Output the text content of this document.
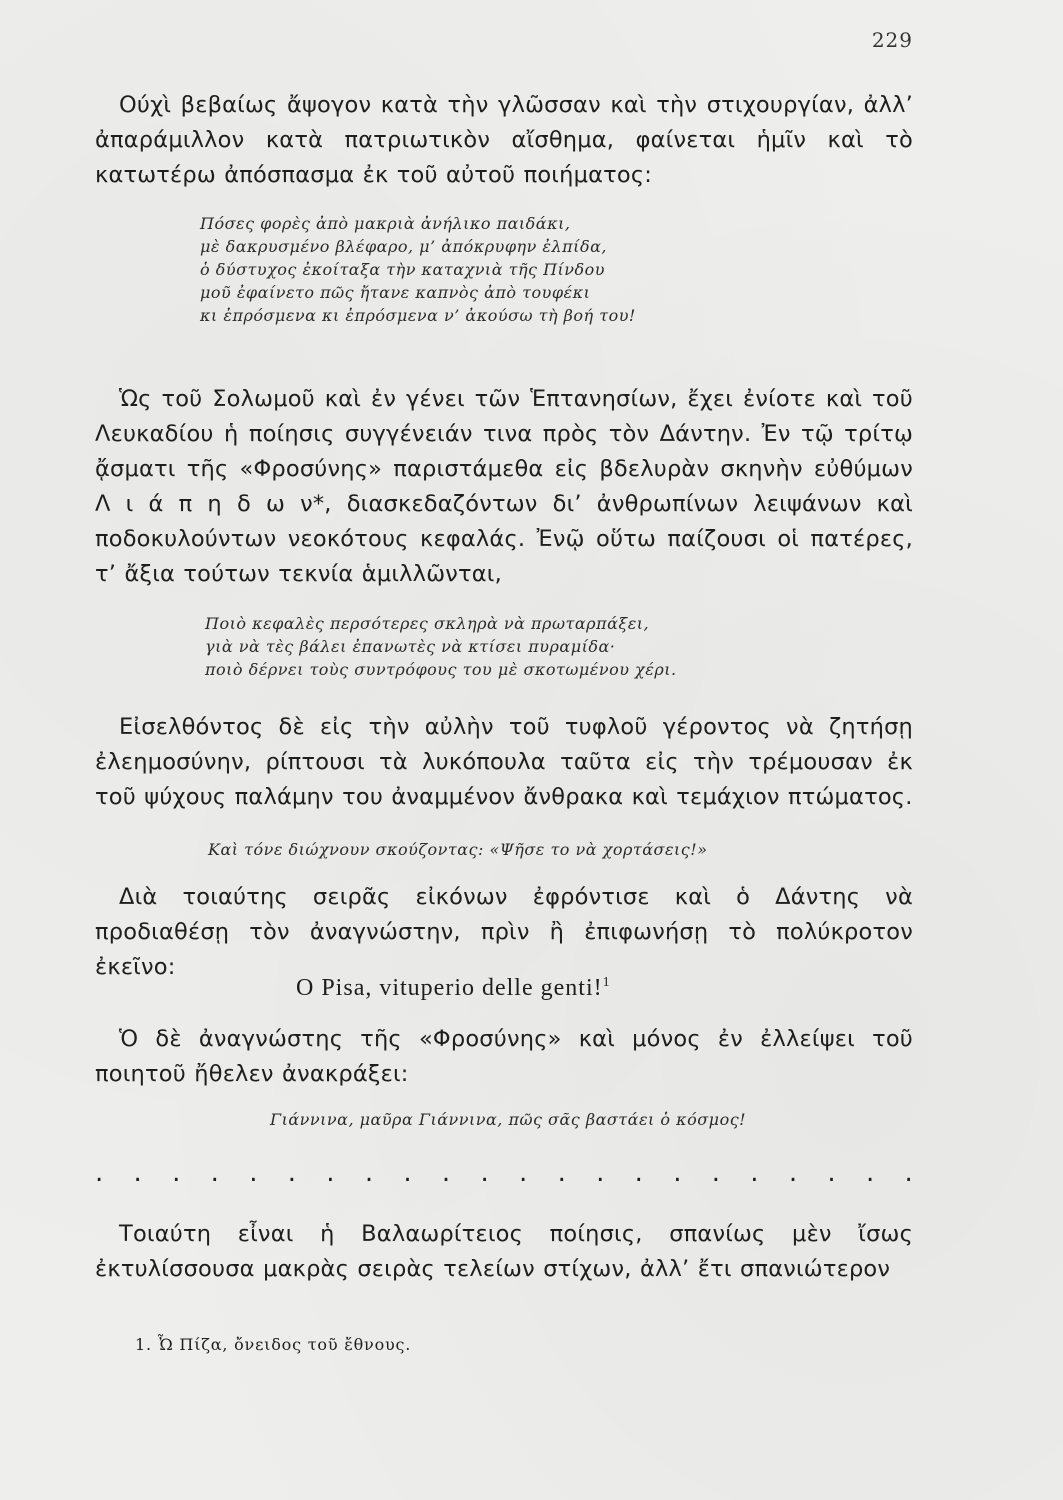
229

Ούχὶ βεβαίως ἄψογον κατὰ τὴν γλῶσσαν καὶ τὴν στιχουργίαν, ἀλλ’ ἀπαράμιλλον κατὰ πατριωτικὸν αἴσθημα, φαίνεται ἡμῖν καὶ τὸ κατωτέρω ἀπόσπασμα ἐκ τοῦ αὐτοῦ ποιήματος:

Πόσες φορὲς ἀπὸ μακριὰ ἀνήλικο παιδάκι,
μὲ δακρυσμένο βλέφαρο, μ’ ἀπόκρυφην ἐλπίδα,
ὁ δύστυχος ἐκοίταξα τὴν καταχνιὰ τῆς Πίνδου
μοῦ ἐφαίνετο πῶς ἤτανε καπνὸς ἀπὸ τουφέκι
κι ἐπρόσμενα κι ἐπρόσμενα ν’ ἀκούσω τὴ βοή του!

Ὡς τοῦ Σολωμοῦ καὶ ἐν γένει τῶν Ἑπτανησίων, ἔχει ἐνίοτε καὶ τοῦ Λευκαδίου ἡ ποίησις συγγένειάν τινα πρὸς τὸν Δάντην. Ἐν τῷ τρίτῳ ᾄσματι τῆς «Φροσύνης» παριστάμεθα εἰς βδελυρὰν σκηνὴν εὐθύμων Λ ι ά π η δ ω ν*, διασκεδαζόντων δι’ ἀνθρωπίνων λειψάνων καὶ ποδοκυλούντων νεοκότους κεφαλάς. Ἐνῷ οὕτω παίζουσι οἱ πατέρες, τ’ ἄξια τούτων τεκνία ἁμιλλῶνται,

Ποιὸ κεφαλὲς περσότερες σκληρὰ νὰ πρωταρπάξει,
γιὰ νὰ τὲς βάλει ἐπανωτὲς νὰ κτίσει πυραμίδα·
ποιὸ δέρνει τοὺς συντρόφους του μὲ σκοτωμένου χέρι.

Εἰσελθόντος δὲ εἰς τὴν αὐλὴν τοῦ τυφλοῦ γέροντος νὰ ζητήσῃ ἐλεημοσύνην, ρίπτουσι τὰ λυκόπουλα ταῦτα εἰς τὴν τρέμουσαν ἐκ τοῦ ψύχους παλάμην του ἀναμμένον ἄνθρακα καὶ τεμάχιον πτώματος.

Καὶ τόνε διώχνουν σκούζοντας: «Ψῆσε το νὰ χορτάσεις!»

Διὰ τοιαύτης σειρᾶς εἰκόνων ἐφρόντισε καὶ ὁ Δάντης νὰ προδιαθέσῃ τὸν ἀναγνώστην, πρὶν ἢ ἐπιφωνήσῃ τὸ πολύκροτον ἐκεῖνο:

O Pisa, vituperio delle genti!$^1$

Ὁ δὲ ἀναγνώστης τῆς «Φροσύνης» καὶ μόνος ἐν ἐλλείψει τοῦ ποιητοῦ ἤθελεν ἀνακράξει:

Γιάννινα, μαῦρα Γιάννινα, πῶς σᾶς βαστάει ὁ κόσμος!
. . . . . . . . . . . . . . . . . . . . . .

Τοιαύτη εἶναι ἡ Βαλαωρίτειος ποίησις, σπανίως μὲν ἴσως ἐκτυλίσσουσα μακρὰς σειρὰς τελείων στίχων, ἀλλ’ ἔτι σπανιώτερον

1. Ὦ Πίζα, ὄνειδος τοῦ ἔθνους.
